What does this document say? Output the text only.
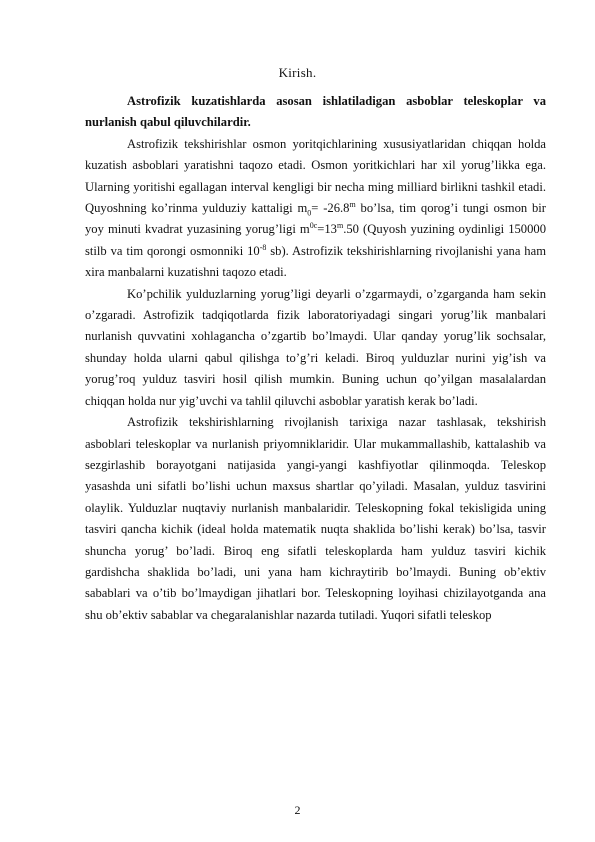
Kirish.

Astrofizik kuzatishlarda asosan ishlatiladigan asboblar teleskoplar va nurlanish qabul qiluvchilardir.

Astrofizik tekshirishlar osmon yoritqichlarining xususiyatlaridan chiqqan holda kuzatish asboblari yaratishni taqozo etadi. Osmon yoritkichlari har xil yorug’likka ega. Ularning yoritishi egallagan interval kengligi bir necha ming milliard birlikni tashkil etadi. Quyoshning ko’rinma yulduziy kattaligi $m_0= -26.8^m$ bo’lsa, tim qorog’i tungi osmon bir yoy minuti kvadrat yuzasining yorug’ligi $m^{0c}=13^m.50$ (Quyosh yuzining oydinligi 150000 stilb va tim qorongi osmonniki $10^{-8}$ sb). Astrofizik tekshirishlarning rivojlanishi yana ham xira manbalarni kuzatishni taqozo etadi.

Ko’pchilik yulduzlarning yorug’ligi deyarli o’zgarmaydi, o’zgarganda ham sekin o’zgaradi. Astrofizik tadqiqotlarda fizik laboratoriyadagi singari yorug’lik manbalari nurlanish quvvatini xohlagancha o’zgartib bo’lmaydi. Ular qanday yorug’lik sochsalar, shunday holda ularni qabul qilishga to’g’ri keladi. Biroq yulduzlar nurini yig’ish va yorug’roq yulduz tasviri hosil qilish mumkin. Buning uchun qo’yilgan masalalardan chiqqan holda nur yig’uvchi va tahlil qiluvchi asboblar yaratish kerak bo’ladi.

Astrofizik tekshirishlarning rivojlanish tarixiga nazar tashlasak, tekshirish asboblari teleskoplar va nurlanish priyomniklaridir. Ular mukammallashib, kattalashib va sezgirlashib borayotgani natijasida yangi-yangi kashfiyotlar qilinmoqda. Teleskop yasashda uni sifatli bo’lishi uchun maxsus shartlar qo’yiladi. Masalan, yulduz tasvirini olaylik. Yulduzlar nuqtaviy nurlanish manbalaridir. Teleskopning fokal tekisligida uning tasviri qancha kichik (ideal holda matematik nuqta shaklida bo’lishi kerak) bo’lsa, tasvir shuncha yorug’ bo’ladi. Biroq eng sifatli teleskoplarda ham yulduz tasviri kichik gardishcha shaklida bo’ladi, uni yana ham kichraytirib bo’lmaydi. Buning ob’ektiv sabablari va o’tib bo’lmaydigan jihatlari bor. Teleskopning loyihasi chizilayotganda ana shu ob’ektiv sabablar va chegaralanishlar nazarda tutiladi. Yuqori sifatli teleskop

2
